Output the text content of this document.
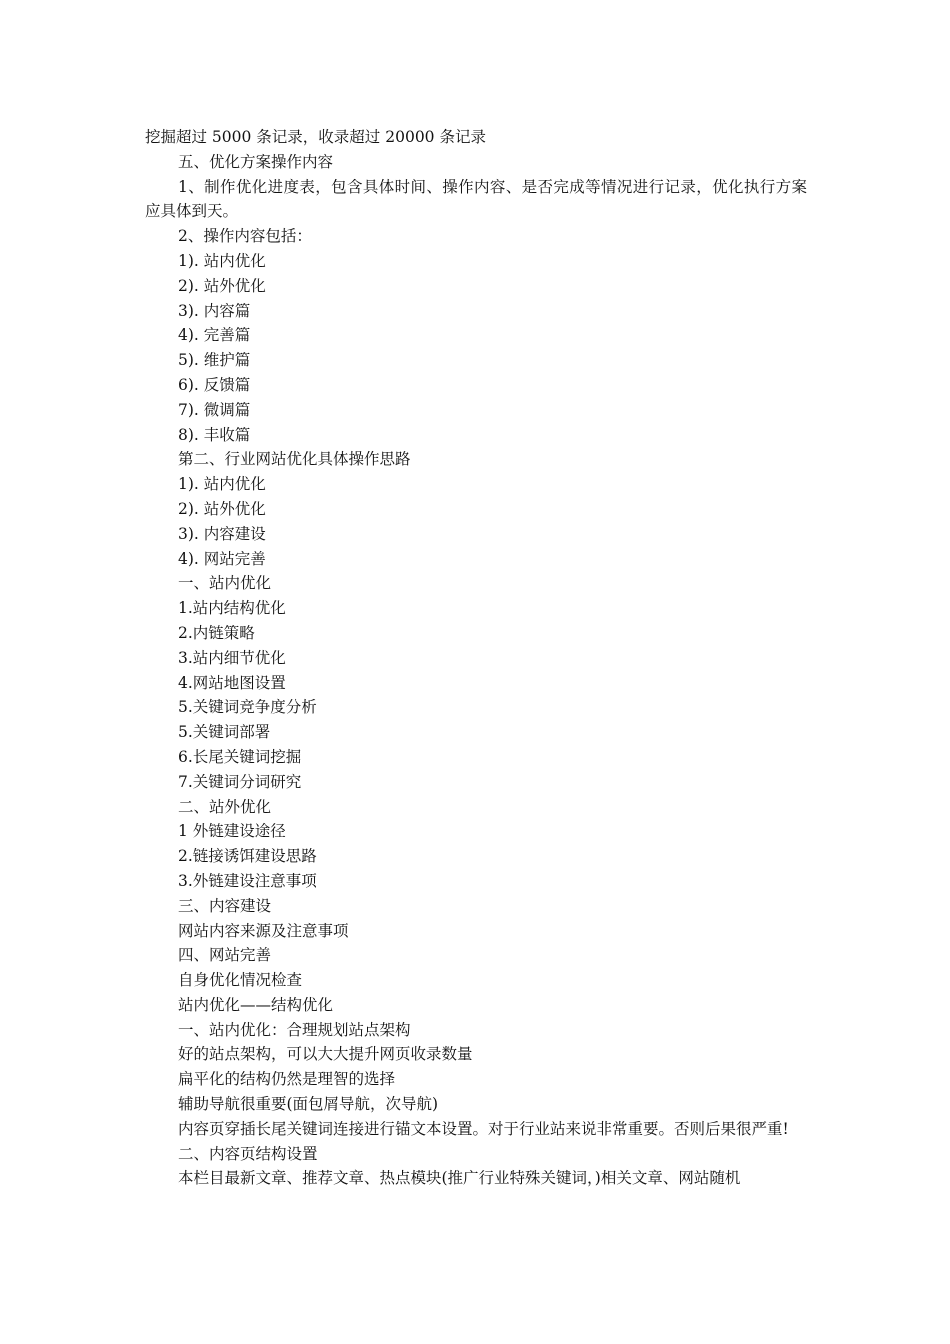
挖掘超过 5000 条记录，收录超过 20000 条记录
五、优化方案操作内容
1、制作优化进度表，包含具体时间、操作内容、是否完成等情况进行记录，优化执行方案应具体到天。
2、操作内容包括：
1). 站内优化
2). 站外优化
3). 内容篇
4). 完善篇
5). 维护篇
6). 反馈篇
7). 微调篇
8). 丰收篇
第二、行业网站优化具体操作思路
1). 站内优化
2). 站外优化
3). 内容建设
4). 网站完善
一、站内优化
1.站内结构优化
2.内链策略
3.站内细节优化
4.网站地图设置
5.关键词竞争度分析
5.关键词部署
6.长尾关键词挖掘
7.关键词分词研究
二、站外优化
1 外链建设途径
2.链接诱饵建设思路
3.外链建设注意事项
三、内容建设
网站内容来源及注意事项
四、网站完善
自身优化情况检查
站内优化——结构优化
一、站内优化：合理规划站点架构
好的站点架构，可以大大提升网页收录数量
扁平化的结构仍然是理智的选择
辅助导航很重要(面包屑导航，次导航)
内容页穿插长尾关键词连接进行锚文本设置。对于行业站来说非常重要。否则后果很严重!
二、内容页结构设置
本栏目最新文章、推荐文章、热点模块(推广行业特殊关键词，)相关文章、网站随机
